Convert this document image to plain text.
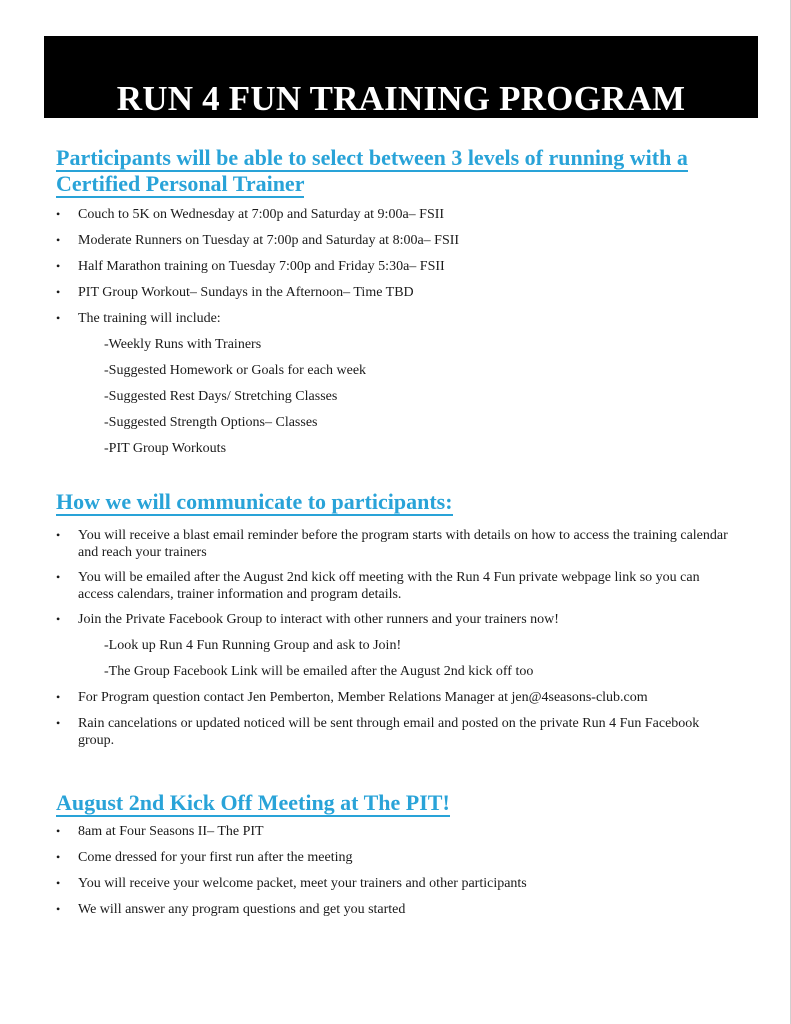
RUN 4 FUN TRAINING PROGRAM
Participants will be able to select between 3 levels of running with a
Certified Personal Trainer
• Couch to 5K on Wednesday at 7:00p and Saturday at 9:00a– FSII
• Moderate Runners on Tuesday at 7:00p and Saturday at 8:00a– FSII
• Half Marathon training on Tuesday 7:00p and Friday 5:30a– FSII
• PIT Group Workout– Sundays in the Afternoon– Time TBD
• The training will include:
-Weekly Runs with Trainers
-Suggested Homework or Goals for each week
-Suggested Rest Days/ Stretching Classes
-Suggested Strength Options– Classes
-PIT Group Workouts
How we will communicate to participants:
• You will receive a blast email reminder before the program starts with details on how to access the training calendar and reach your trainers
• You will be emailed after the August 2nd kick off meeting with the Run 4 Fun private webpage link so you can access calendars, trainer information and program details.
• Join the Private Facebook Group to interact with other runners and your trainers now!
-Look up Run 4 Fun Running Group and ask to Join!
-The Group Facebook Link will be emailed after the August 2nd kick off too
• For Program question contact Jen Pemberton, Member Relations Manager at jen@4seasons-club.com
• Rain cancelations or updated noticed will be sent through email and posted on the private Run 4 Fun Facebook group.
August 2nd Kick Off Meeting at The PIT!
• 8am at Four Seasons II– The PIT
• Come dressed for your first run after the meeting
• You will receive your welcome packet, meet your trainers and other participants
• We will answer any program questions and get you started
